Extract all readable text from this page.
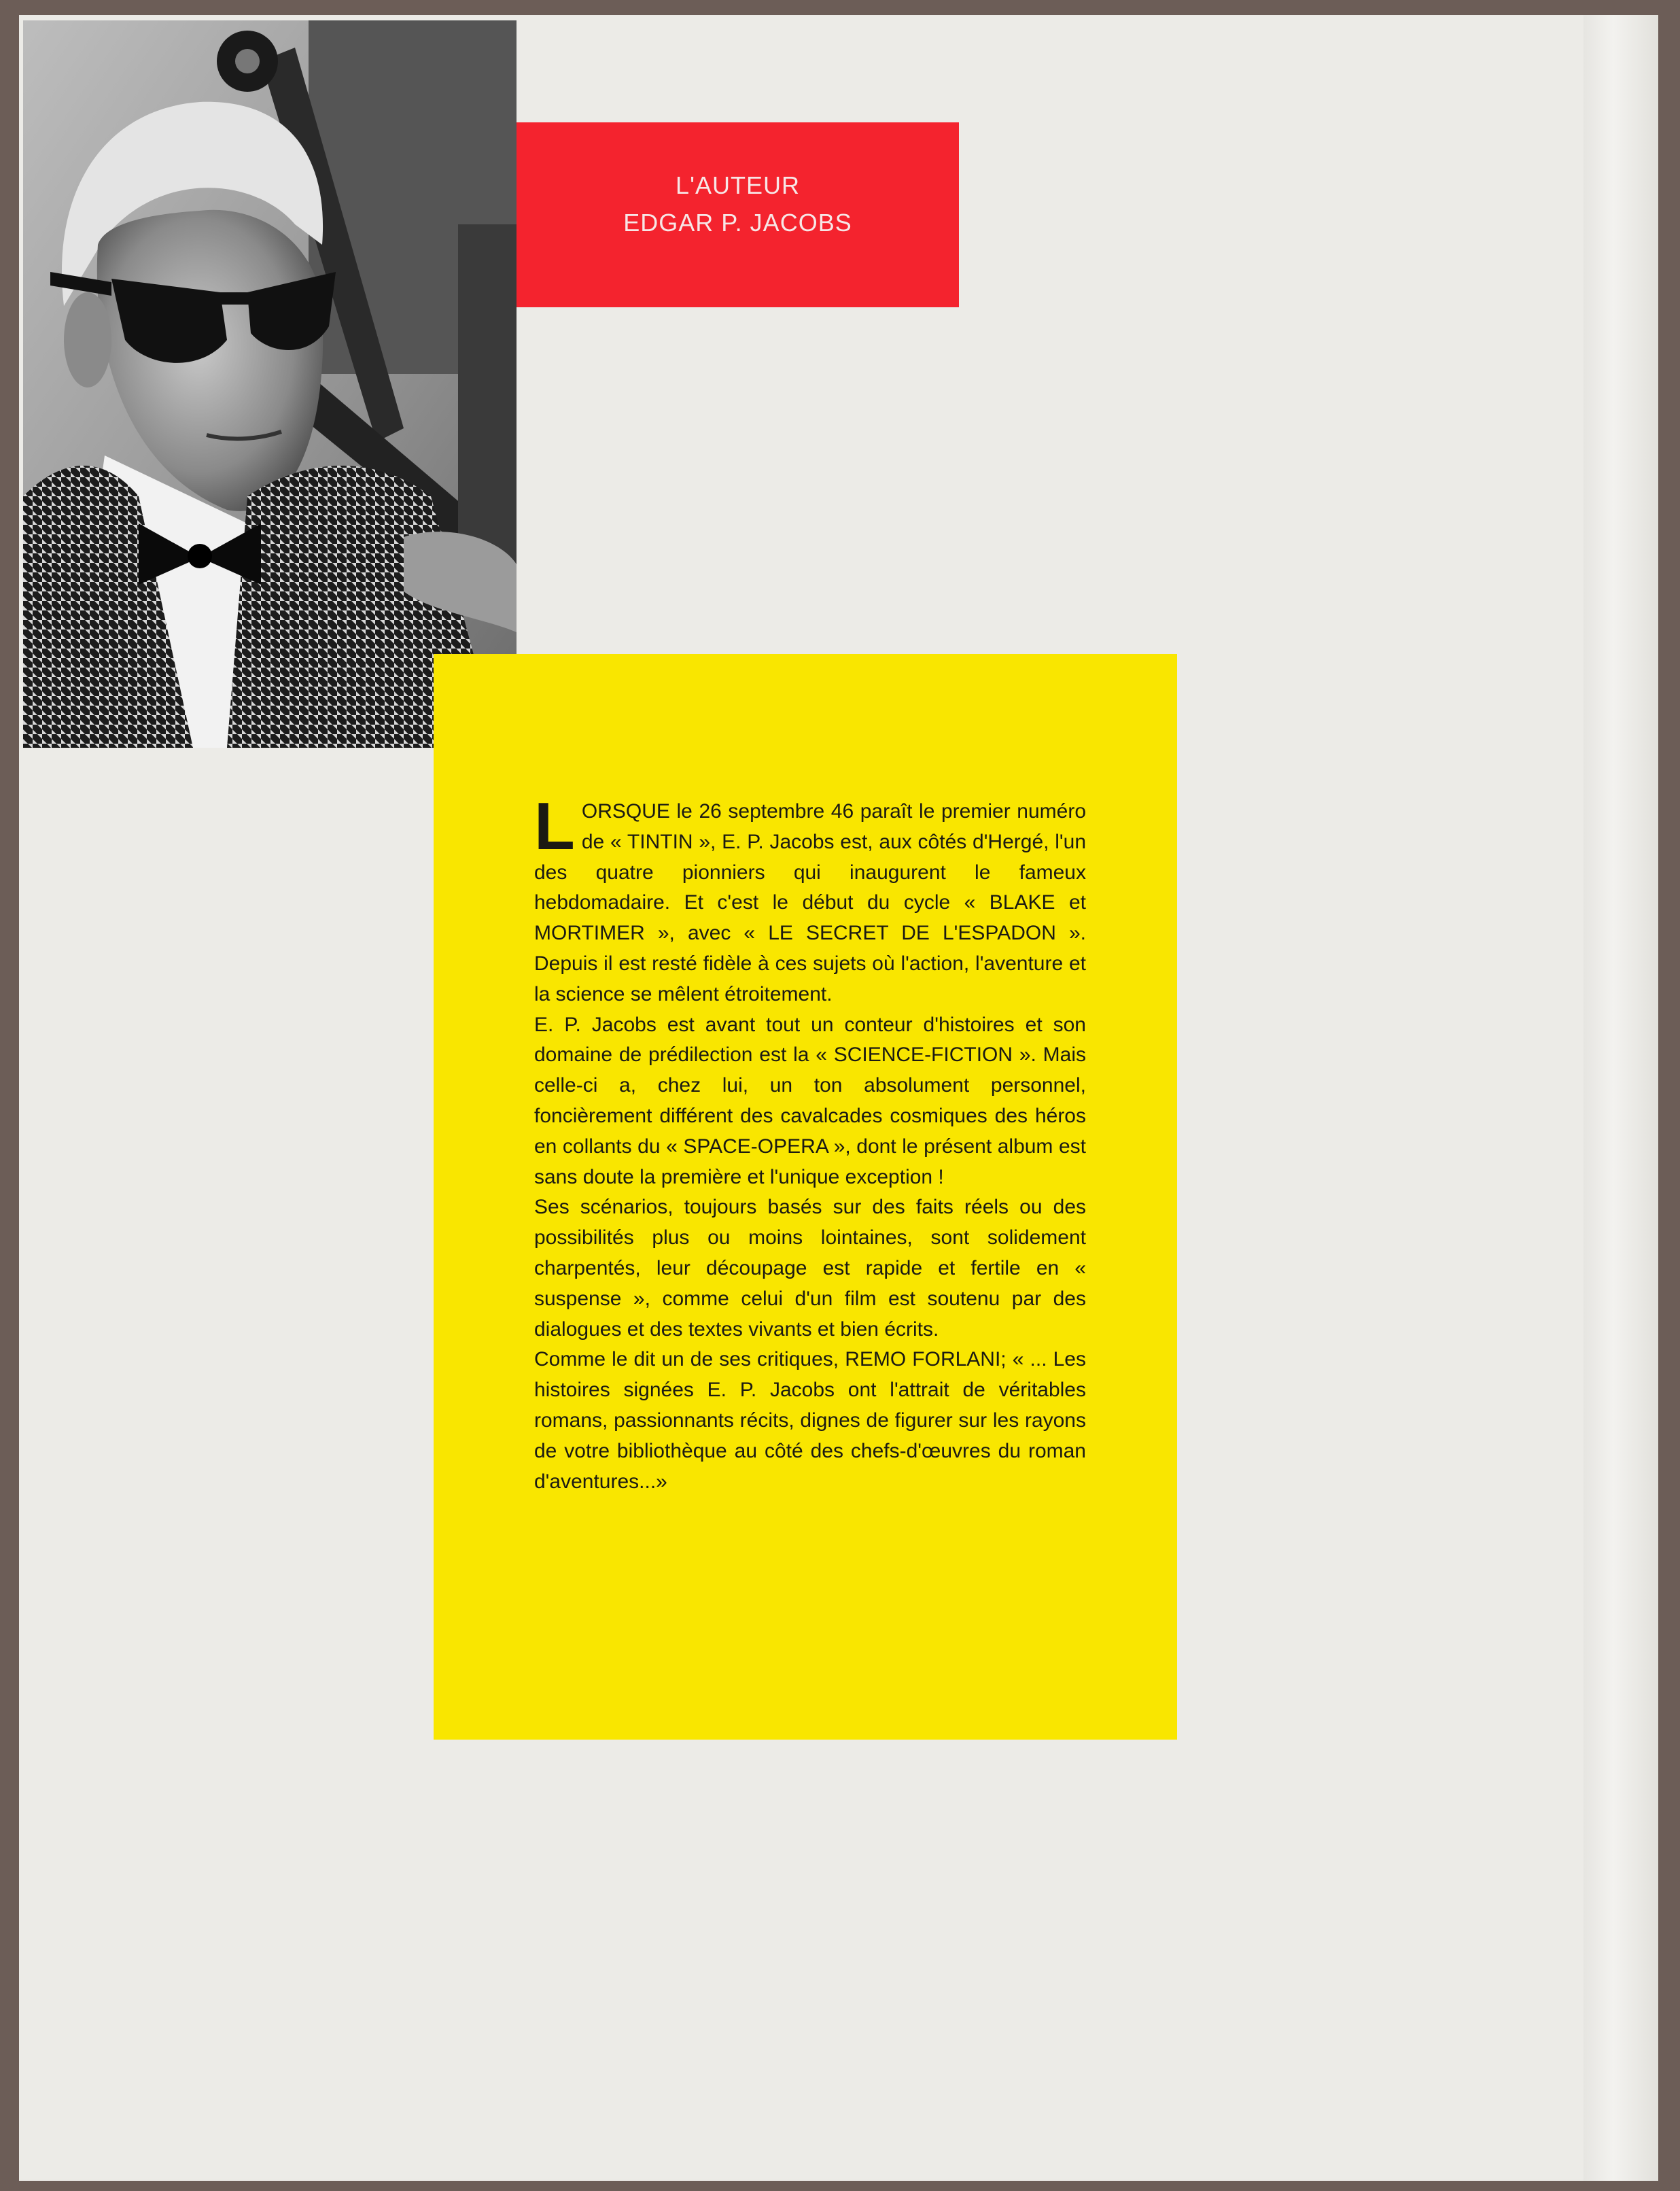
L'AUTEUR
EDGAR P. JACOBS

LORSQUE le 26 septembre 46 paraît le premier numéro de « TINTIN », E. P. Jacobs est, aux côtés d'Hergé, l'un des quatre pionniers qui inaugurent le fameux hebdomadaire. Et c'est le début du cycle « BLAKE et MORTIMER », avec « LE SECRET DE L'ESPADON ». Depuis il est resté fidèle à ces sujets où l'action, l'aventure et la science se mêlent étroitement.

E. P. Jacobs est avant tout un conteur d'histoires et son domaine de prédilection est la « SCIENCE-FICTION ». Mais celle-ci a, chez lui, un ton absolument personnel, foncièrement différent des cavalcades cosmiques des héros en collants du « SPACE-OPERA », dont le présent album est sans doute la première et l'unique exception !

Ses scénarios, toujours basés sur des faits réels ou des possibilités plus ou moins lointaines, sont solidement charpentés, leur découpage est rapide et fertile en « suspense », comme celui d'un film est soutenu par des dialogues et des textes vivants et bien écrits.

Comme le dit un de ses critiques, REMO FORLANI; « ... Les histoires signées E. P. Jacobs ont l'attrait de véritables romans, passionnants récits, dignes de figurer sur les rayons de votre bibliothèque au côté des chefs-d'œuvres du roman d'aventures...»
